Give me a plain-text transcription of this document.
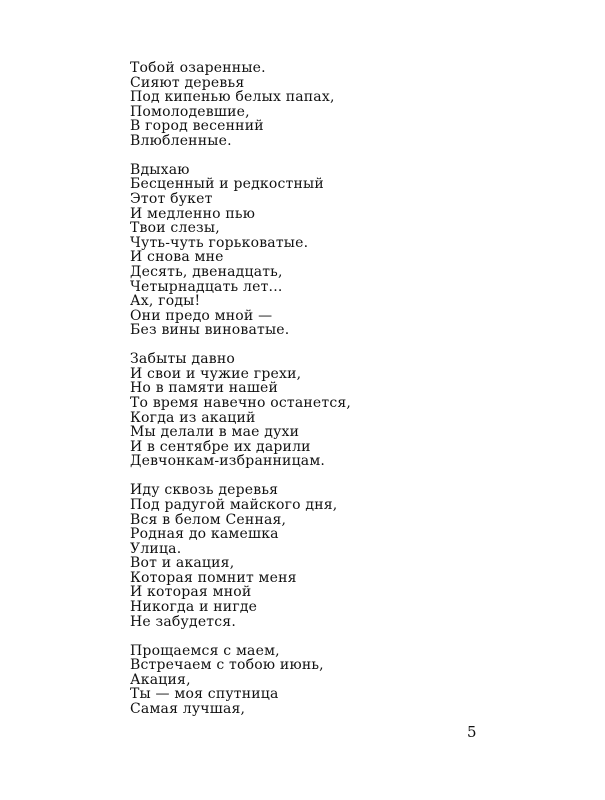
Тобой озаренные.
Сияют деревья
Под кипенью белых папах,
Помолодевшие,
В город весенний
Влюбленные.
Вдыхаю
Бесценный и редкостный
Этот букет
И медленно пью
Твои слезы,
Чуть-чуть горьковатые.
И снова мне
Десять, двенадцать,
Четырнадцать лет...
Ах, годы!
Они предо мной —
Без вины виноватые.
Забыты давно
И свои и чужие грехи,
Но в памяти нашей
То время навечно останется,
Когда из акаций
Мы делали в мае духи
И в сентябре их дарили
Девчонкам-избранницам.
Иду сквозь деревья
Под радугой майского дня,
Вся в белом Сенная,
Родная до камешка
Улица.
Вот и акация,
Которая помнит меня
И которая мной
Никогда и нигде
Не забудется.
Прощаемся с маем,
Встречаем с тобою июнь,
Акация,
Ты — моя спутница
Самая лучшая,
5
